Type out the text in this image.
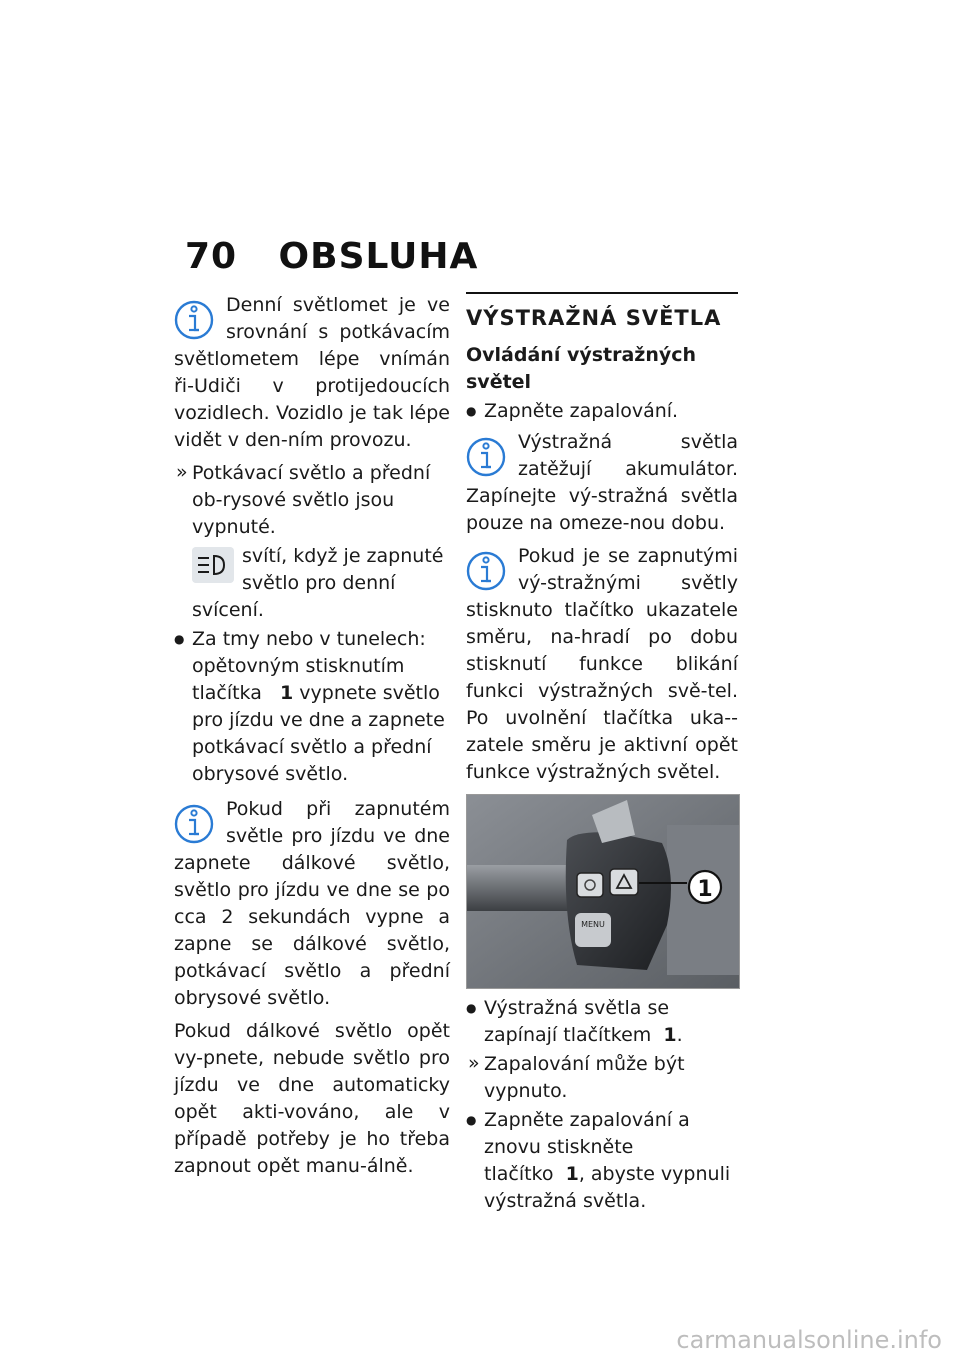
70 OBSLUHA

Denní světlomet je ve srovnání s potkávacím světlometem lépe vnímán ři-Udiči v protijedoucích vozidlech. Vozidlo je tak lépe vidět v den-ním provozu.

» Potkávací světlo a přední ob-rysové světlo jsou vypnuté.

svítí, když je zapnuté světlo pro denní svícení.

● Za tmy nebo v tunelech:
opětovným stisknutím
tlačítka 1 vypnete světlo
pro jízdu ve dne a zapnete
potkávací světlo a přední
obrysové světlo.

Pokud při zapnutém světle pro jízdu ve dne zapnete dálkové světlo, světlo pro jízdu ve dne se po cca 2 sekundách vypne a zapne se dálkové světlo, potkávací světlo a přední obrysové světlo.

Pokud dálkové světlo opět vy-pnete, nebude světlo pro jízdu ve dne automaticky opět akti-vováno, ale v případě potřeby je ho třeba zapnout opět manu-álně.

VÝSTRAŽNÁ SVĚTLA
Ovládání výstražných světel
● Zapněte zapalování.

Výstražná světla zatěžují akumulátor. Zapínejte vý-stražná světla pouze na omeze-nou dobu.

Pokud je se zapnutými vý-stražnými světly stisknuto tlačítko ukazatele směru, na-hradí po dobu stisknutí funkce blikání funkci výstražných svě-tel. Po uvolnění tlačítka uka-zatele směru je aktivní opět funkce výstražných světel.

MENU
1
● Výstražná světla se zapínají tlačítkem 1.
» Zapalování může být vypnuto.
● Zapněte zapalování a znovu stiskněte tlačítko 1, abyste vypnuli výstražná světla.
carmanualsonline.info
